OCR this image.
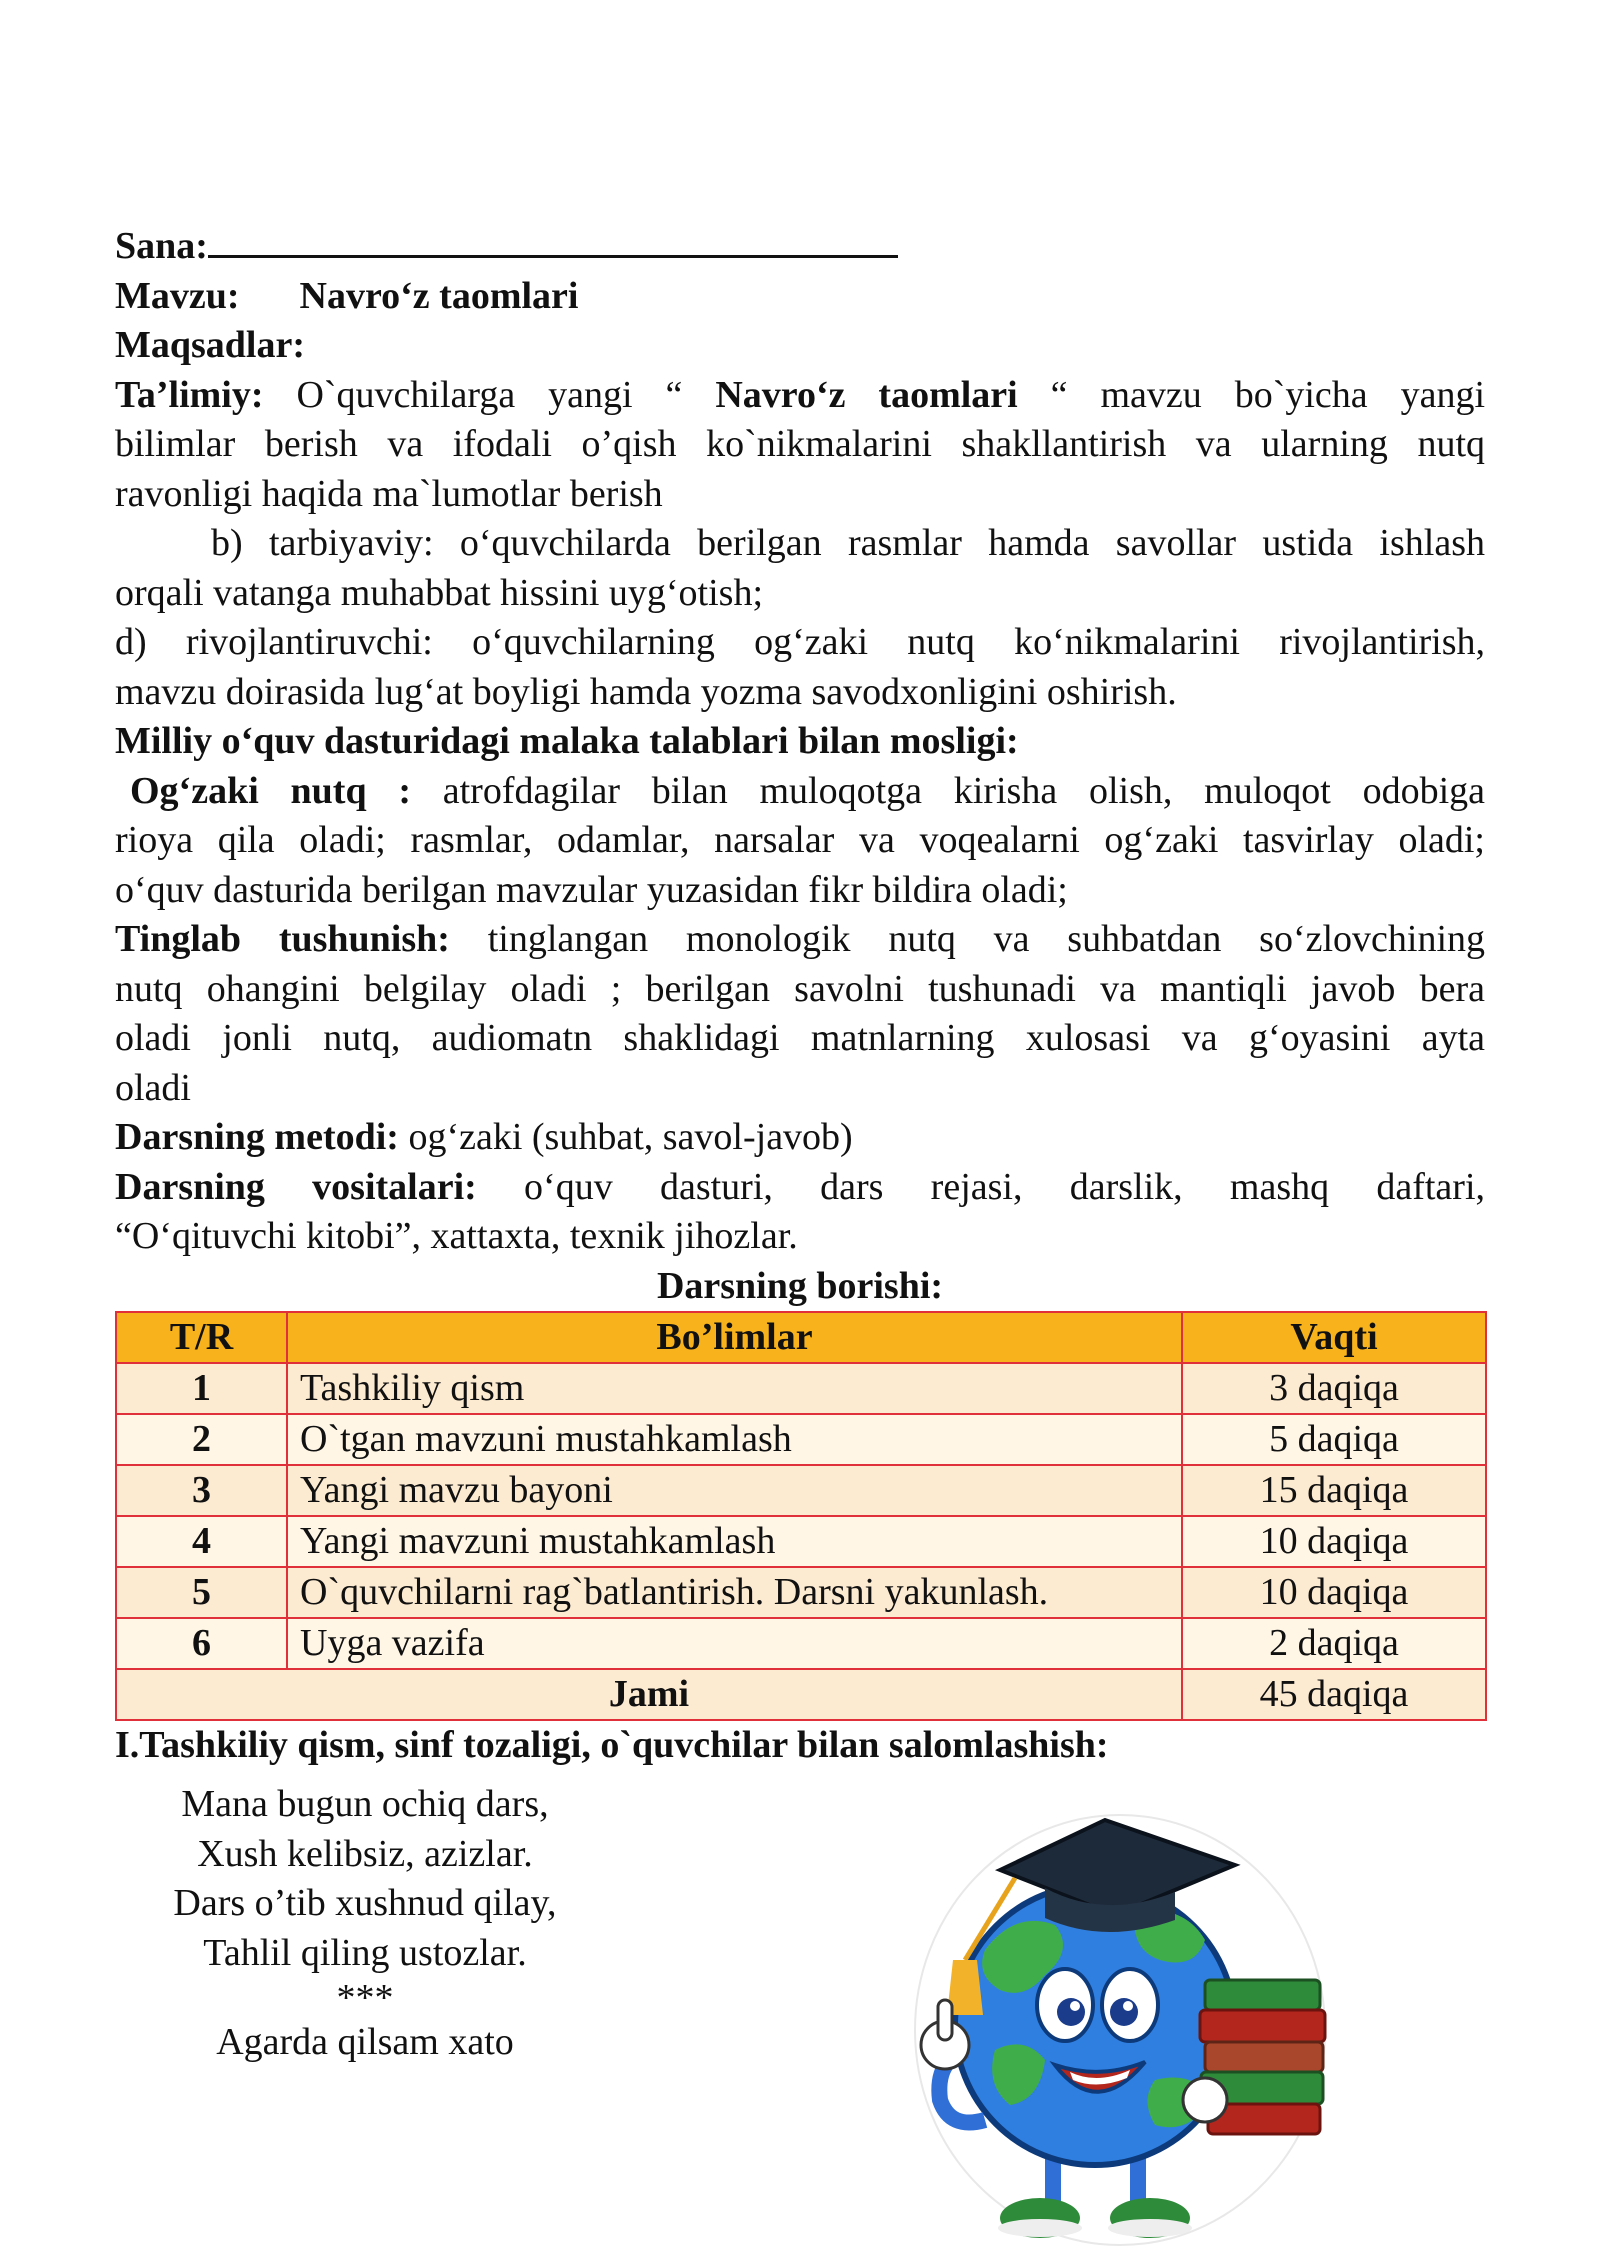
Sana:

Mavzu: Navro‘z taomlari

Maqsadlar:

Ta’limiy: O`quvchilarga yangi “ Navro‘z taomlari “ mavzu bo`yicha yangi

bilimlar berish va ifodali o’qish ko`nikmalarini shakllantirish va ularning nutq

ravonligi haqida ma`lumotlar berish

b) tarbiyaviy: o‘quvchilarda berilgan rasmlar hamda savollar ustida ishlash

orqali vatanga muhabbat hissini uyg‘otish;

d) rivojlantiruvchi: o‘quvchilarning og‘zaki nutq ko‘nikmalarini rivojlantirish,

mavzu doirasida lug‘at boyligi hamda yozma savodxonligini oshirish.

Milliy o‘quv dasturidagi malaka talablari bilan mosligi:

Og‘zaki nutq : atrofdagilar bilan muloqotga kirisha olish, muloqot odobiga

rioya qila oladi; rasmlar, odamlar, narsalar va voqealarni og‘zaki tasvirlay oladi;

o‘quv dasturida berilgan mavzular yuzasidan fikr bildira oladi;

Tinglab tushunish: tinglangan monologik nutq va suhbatdan so‘zlovchining

nutq ohangini belgilay oladi ; berilgan savolni tushunadi va mantiqli javob bera

oladi jonli nutq, audiomatn shaklidagi matnlarning xulosasi va g‘oyasini ayta

oladi

Darsning metodi: og‘zaki (suhbat, savol-javob)

Darsning vositalari: o‘quv dasturi, dars rejasi, darslik, mashq daftari,

“O‘qituvchi kitobi”, xattaxta, texnik jihozlar.

Darsning borishi:

T/R	Bo’limlar	Vaqti
1	Tashkiliy qism	3 daqiqa
2	O`tgan mavzuni mustahkamlash	5 daqiqa
3	Yangi mavzu bayoni	15 daqiqa
4	Yangi mavzuni mustahkamlash	10 daqiqa
5	O`quvchilarni rag`batlantirish. Darsni yakunlash.	10 daqiqa
6	Uyga vazifa	2 daqiqa
Jami		45 daqiqa

I.Tashkiliy qism, sinf tozaligi, o`quvchilar bilan salomlashish:

Mana bugun ochiq dars,
Xush kelibsiz, azizlar.
Dars o’tib xushnud qilay,
Tahlil qiling ustozlar.
***
Agarda qilsam xato
